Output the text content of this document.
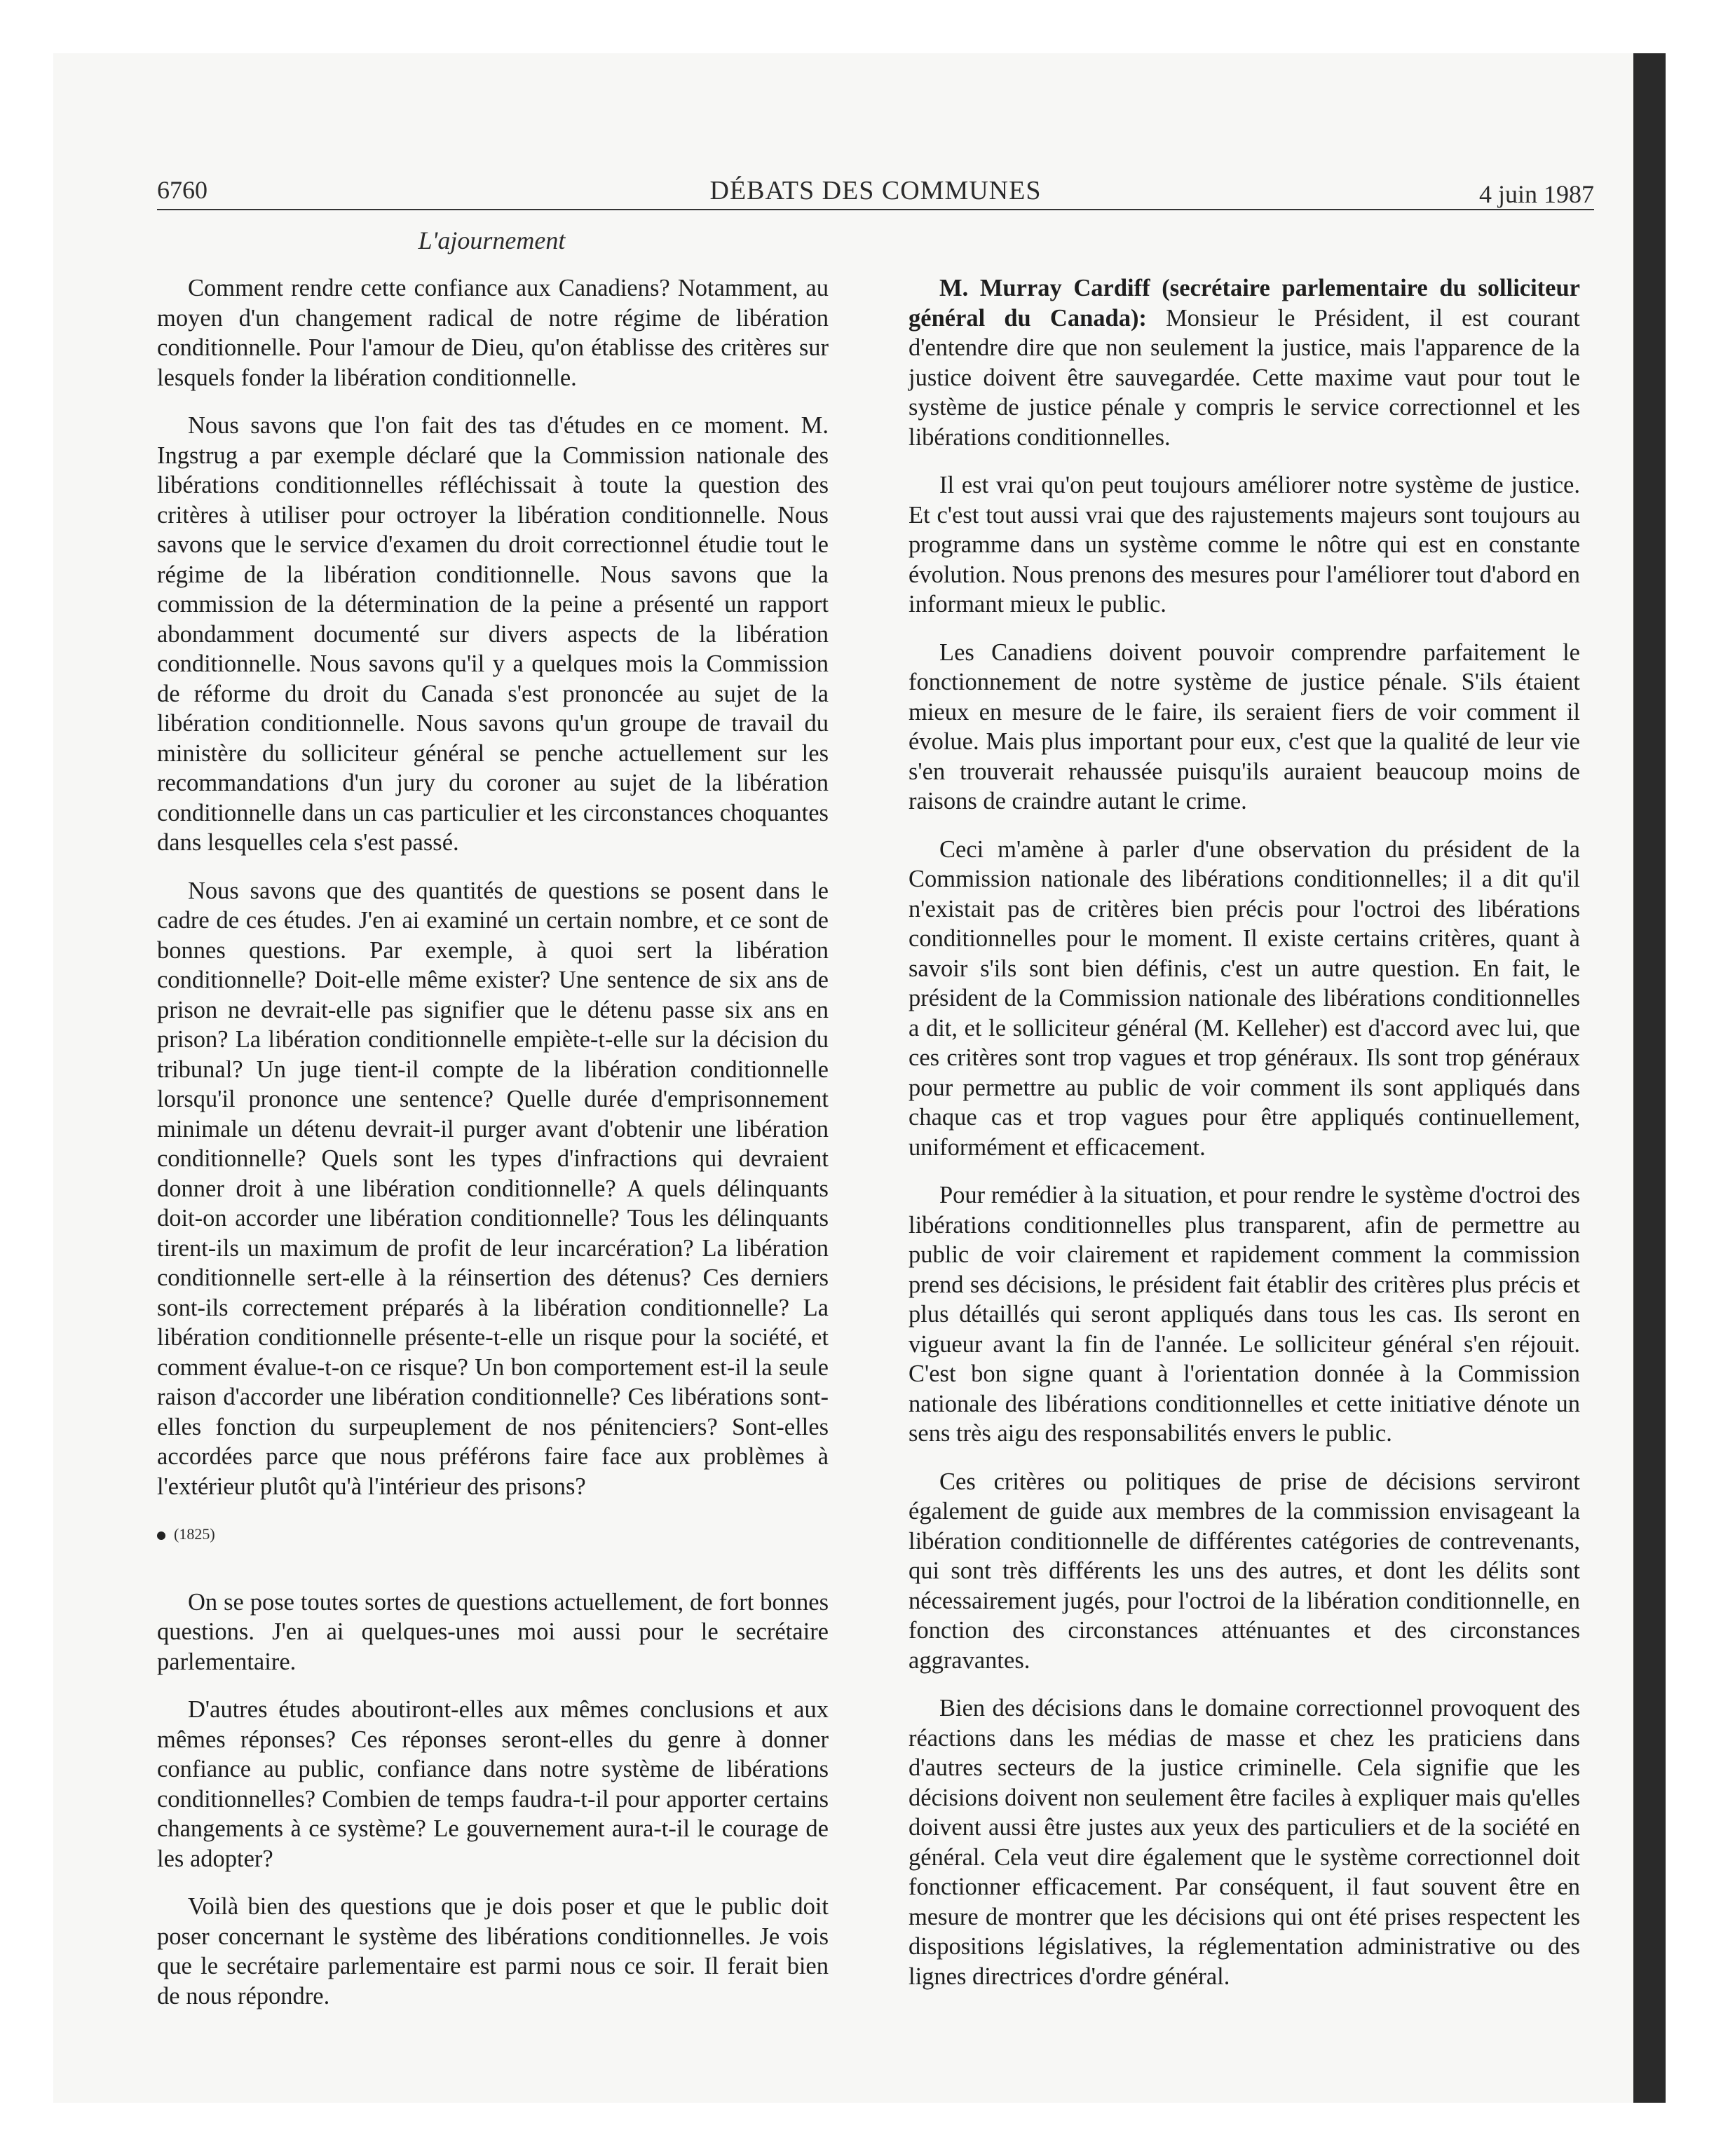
6760	DÉBATS DES COMMUNES	4 juin 1987
L'ajournement

Comment rendre cette confiance aux Canadiens? Notamment, au moyen d'un changement radical de notre régime de libération conditionnelle. Pour l'amour de Dieu, qu'on établisse des critères sur lesquels fonder la libération conditionnelle.

Nous savons que l'on fait des tas d'études en ce moment. M. Ingstrug a par exemple déclaré que la Commission nationale des libérations conditionnelles réfléchissait à toute la question des critères à utiliser pour octroyer la libération conditionnelle. Nous savons que le service d'examen du droit correctionnel étudie tout le régime de la libération conditionnelle. Nous savons que la commission de la détermination de la peine a présenté un rapport abondamment documenté sur divers aspects de la libération conditionnelle. Nous savons qu'il y a quelques mois la Commission de réforme du droit du Canada s'est prononcée au sujet de la libération conditionnelle. Nous savons qu'un groupe de travail du ministère du solliciteur général se penche actuellement sur les recommandations d'un jury du coroner au sujet de la libération conditionnelle dans un cas particulier et les circonstances choquantes dans lesquelles cela s'est passé.

Nous savons que des quantités de questions se posent dans le cadre de ces études. J'en ai examiné un certain nombre, et ce sont de bonnes questions. Par exemple, à quoi sert la libération conditionnelle? Doit-elle même exister? Une sentence de six ans de prison ne devrait-elle pas signifier que le détenu passe six ans en prison? La libération conditionnelle empiète-t-elle sur la décision du tribunal? Un juge tient-il compte de la libération conditionnelle lorsqu'il prononce une sentence? Quelle durée d'emprisonnement minimale un détenu devrait-il purger avant d'obtenir une libération conditionnelle? Quels sont les types d'infractions qui devraient donner droit à une libération conditionnelle? A quels délinquants doit-on accorder une libération conditionnelle? Tous les délinquants tirent-ils un maximum de profit de leur incarcération? La libération conditionnelle sert-elle à la réinsertion des détenus? Ces derniers sont-ils correctement préparés à la libération conditionnelle? La libération conditionnelle présente-t-elle un risque pour la société, et comment évalue-t-on ce risque? Un bon comportement est-il la seule raison d'accorder une libération conditionnelle? Ces libérations sont-elles fonction du surpeuplement de nos pénitenciers? Sont-elles accordées parce que nous préférons faire face aux problèmes à l'extérieur plutôt qu'à l'intérieur des prisons?

(1825)

On se pose toutes sortes de questions actuellement, de fort bonnes questions. J'en ai quelques-unes moi aussi pour le secrétaire parlementaire.

D'autres études aboutiront-elles aux mêmes conclusions et aux mêmes réponses? Ces réponses seront-elles du genre à donner confiance au public, confiance dans notre système de libérations conditionnelles? Combien de temps faudra-t-il pour apporter certains changements à ce système? Le gouvernement aura-t-il le courage de les adopter?

Voilà bien des questions que je dois poser et que le public doit poser concernant le système des libérations conditionnelles. Je vois que le secrétaire parlementaire est parmi nous ce soir. Il ferait bien de nous répondre.

M. Murray Cardiff (secrétaire parlementaire du solliciteur général du Canada): Monsieur le Président, il est courant d'entendre dire que non seulement la justice, mais l'apparence de la justice doivent être sauvegardée. Cette maxime vaut pour tout le système de justice pénale y compris le service correctionnel et les libérations conditionnelles.

Il est vrai qu'on peut toujours améliorer notre système de justice. Et c'est tout aussi vrai que des rajustements majeurs sont toujours au programme dans un système comme le nôtre qui est en constante évolution. Nous prenons des mesures pour l'améliorer tout d'abord en informant mieux le public.

Les Canadiens doivent pouvoir comprendre parfaitement le fonctionnement de notre système de justice pénale. S'ils étaient mieux en mesure de le faire, ils seraient fiers de voir comment il évolue. Mais plus important pour eux, c'est que la qualité de leur vie s'en trouverait rehaussée puisqu'ils auraient beaucoup moins de raisons de craindre autant le crime.

Ceci m'amène à parler d'une observation du président de la Commission nationale des libérations conditionnelles; il a dit qu'il n'existait pas de critères bien précis pour l'octroi des libérations conditionnelles pour le moment. Il existe certains critères, quant à savoir s'ils sont bien définis, c'est un autre question. En fait, le président de la Commission nationale des libérations conditionnelles a dit, et le solliciteur général (M. Kelleher) est d'accord avec lui, que ces critères sont trop vagues et trop généraux. Ils sont trop généraux pour permettre au public de voir comment ils sont appliqués dans chaque cas et trop vagues pour être appliqués continuellement, uniformément et efficacement.

Pour remédier à la situation, et pour rendre le système d'octroi des libérations conditionnelles plus transparent, afin de permettre au public de voir clairement et rapidement comment la commission prend ses décisions, le président fait établir des critères plus précis et plus détaillés qui seront appliqués dans tous les cas. Ils seront en vigueur avant la fin de l'année. Le solliciteur général s'en réjouit. C'est bon signe quant à l'orientation donnée à la Commission nationale des libérations conditionnelles et cette initiative dénote un sens très aigu des responsabilités envers le public.

Ces critères ou politiques de prise de décisions serviront également de guide aux membres de la commission envisageant la libération conditionnelle de différentes catégories de contrevenants, qui sont très différents les uns des autres, et dont les délits sont nécessairement jugés, pour l'octroi de la libération conditionnelle, en fonction des circonstances atténuantes et des circonstances aggravantes.

Bien des décisions dans le domaine correctionnel provoquent des réactions dans les médias de masse et chez les praticiens dans d'autres secteurs de la justice criminelle. Cela signifie que les décisions doivent non seulement être faciles à expliquer mais qu'elles doivent aussi être justes aux yeux des particuliers et de la société en général. Cela veut dire également que le système correctionnel doit fonctionner efficacement. Par conséquent, il faut souvent être en mesure de montrer que les décisions qui ont été prises respectent les dispositions législatives, la réglementation administrative ou des lignes directrices d'ordre général.
